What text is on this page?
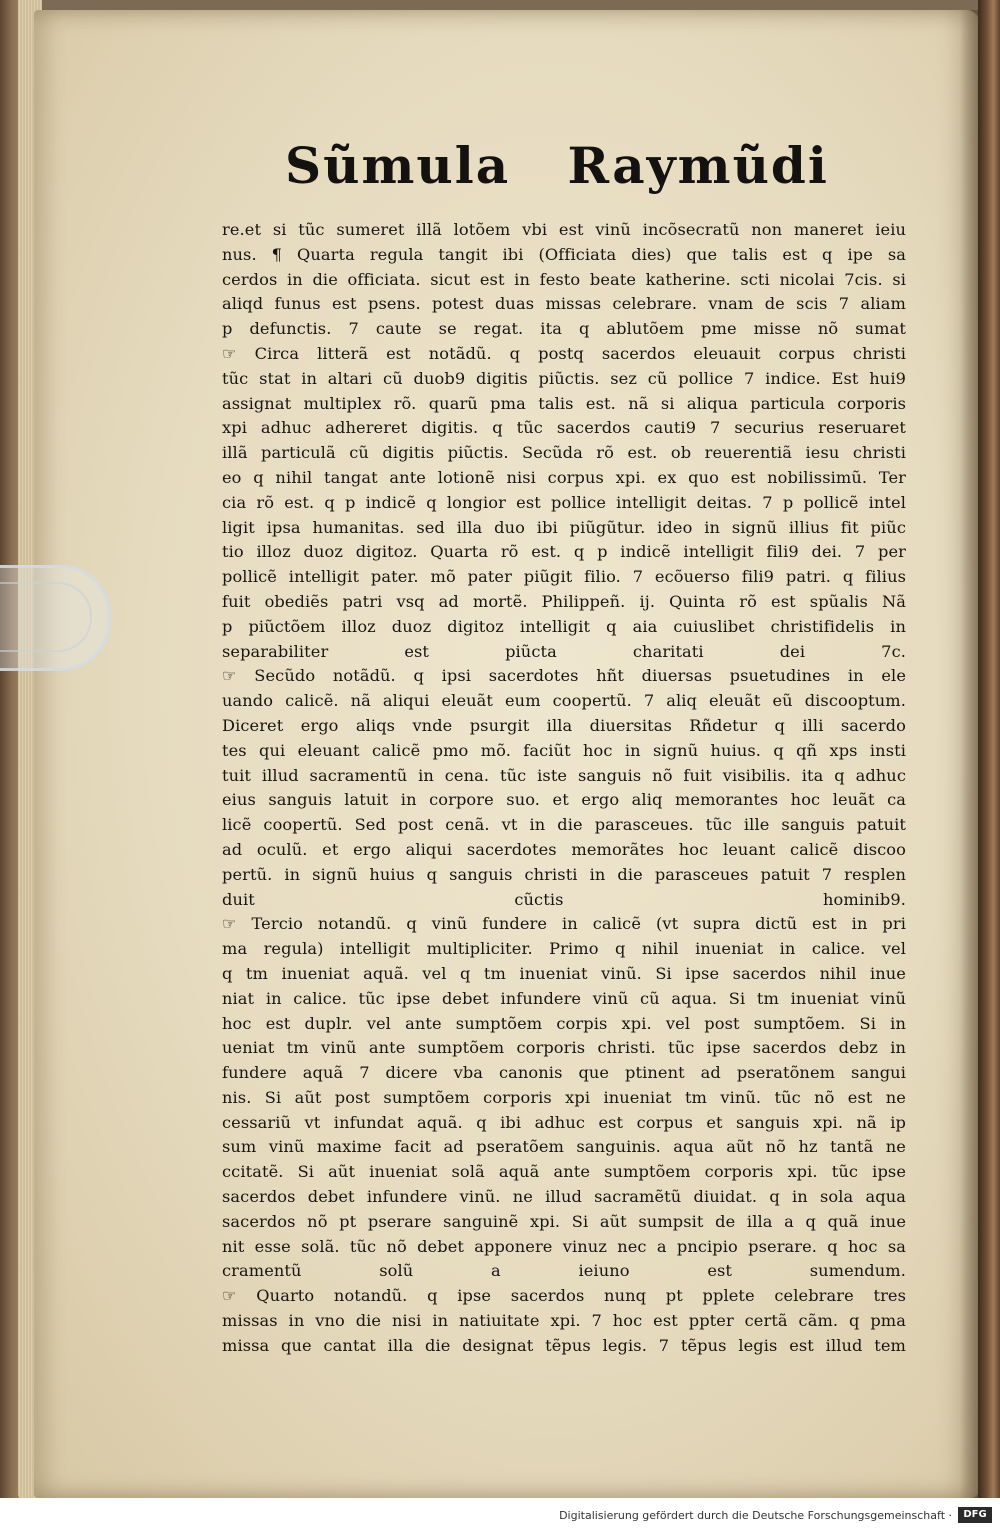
Sũmula Raymũdi
re.et si tũc sumeret illã lotõem vbi est vinũ incõsecratũ non maneret ieiu
nus. ¶ Quarta regula tangit ibi (Officiata dies) que talis est q ipe sa
cerdos in die officiata. sicut est in festo beate katherine. scti nicolai 7cis. si
aliqd funus est psens. potest duas missas celebrare. vnam de scis 7 aliam
p defunctis. 7 caute se regat. ita q ablutõem pme misse nõ sumat
☞ Circa litterã est notãdũ. q postq sacerdos eleuauit corpus christi
tũc stat in altari cũ duob9 digitis piũctis. sez cũ pollice 7 indice. Est hui9
assignat multiplex rõ. quarũ pma talis est. nã si aliqua particula corporis
xpi adhuc adhereret digitis. q tũc sacerdos cauti9 7 securius reseruaret
illã particulã cũ digitis piũctis. Secũda rõ est. ob reuerentiã iesu christi
eo q nihil tangat ante lotionẽ nisi corpus xpi. ex quo est nobilissimũ. Ter
cia rõ est. q p indicẽ q longior est pollice intelligit deitas. 7 p pollicẽ intel
ligit ipsa humanitas. sed illa duo ibi piũgũtur. ideo in signũ illius fit piũc
tio illoz duoz digitoz. Quarta rõ est. q p indicẽ intelligit fili9 dei. 7 per
pollicẽ intelligit pater. mõ pater piũgit filio. 7 ecõuerso fili9 patri. q filius
fuit obediẽs patri vsq ad mortẽ. Philippeñ. ij. Quinta rõ est spũalis Nã
p piũctõem illoz duoz digitoz intelligit q aia cuiuslibet christifidelis in
separabiliter est piũcta charitati dei 7c.
☞ Secũdo notãdũ. q ipsi sacerdotes hñt diuersas psuetudines in ele
uando calicẽ. nã aliqui eleuãt eum coopertũ. 7 aliq eleuãt eũ discooptum.
Diceret ergo aliqs vnde psurgit illa diuersitas Rñdetur q illi sacerdo
tes qui eleuant calicẽ pmo mõ. faciũt hoc in signũ huius. q qñ xps insti
tuit illud sacramentũ in cena. tũc iste sanguis nõ fuit visibilis. ita q adhuc
eius sanguis latuit in corpore suo. et ergo aliq memorantes hoc leuãt ca
licẽ coopertũ. Sed post cenã. vt in die parasceues. tũc ille sanguis patuit
ad oculũ. et ergo aliqui sacerdotes memorãtes hoc leuant calicẽ discoo
pertũ. in signũ huius q sanguis christi in die parasceues patuit 7 resplen
duit cũctis hominib9.
☞ Tercio notandũ. q vinũ fundere in calicẽ (vt supra dictũ est in pri
ma regula) intelligit multipliciter. Primo q nihil inueniat in calice. vel
q tm inueniat aquã. vel q tm inueniat vinũ. Si ipse sacerdos nihil inue
niat in calice. tũc ipse debet infundere vinũ cũ aqua. Si tm inueniat vinũ
hoc est duplr. vel ante sumptõem corpis xpi. vel post sumptõem. Si in
ueniat tm vinũ ante sumptõem corporis christi. tũc ipse sacerdos debz in
fundere aquã 7 dicere vba canonis que ptinent ad pseratõnem sangui
nis. Si aũt post sumptõem corporis xpi inueniat tm vinũ. tũc nõ est ne
cessariũ vt infundat aquã. q ibi adhuc est corpus et sanguis xpi. nã ip
sum vinũ maxime facit ad pseratõem sanguinis. aqua aũt nõ hz tantã ne
ccitatẽ. Si aũt inueniat solã aquã ante sumptõem corporis xpi. tũc ipse
sacerdos debet infundere vinũ. ne illud sacramẽtũ diuidat. q in sola aqua
sacerdos nõ pt pserare sanguinẽ xpi. Si aũt sumpsit de illa a q quã inue
nit esse solã. tũc nõ debet apponere vinuz nec a pncipio pserare. q hoc sa
cramentũ solũ a ieiuno est sumendum.
☞ Quarto notandũ. q ipse sacerdos nunq pt pplete celebrare tres
missas in vno die nisi in natiuitate xpi. 7 hoc est ppter certã cãm. q pma
missa que cantat illa die designat tẽpus legis. 7 tẽpus legis est illud tem
Digitalisierung gefördert durch die Deutsche Forschungsgemeinschaft ·	DFG
